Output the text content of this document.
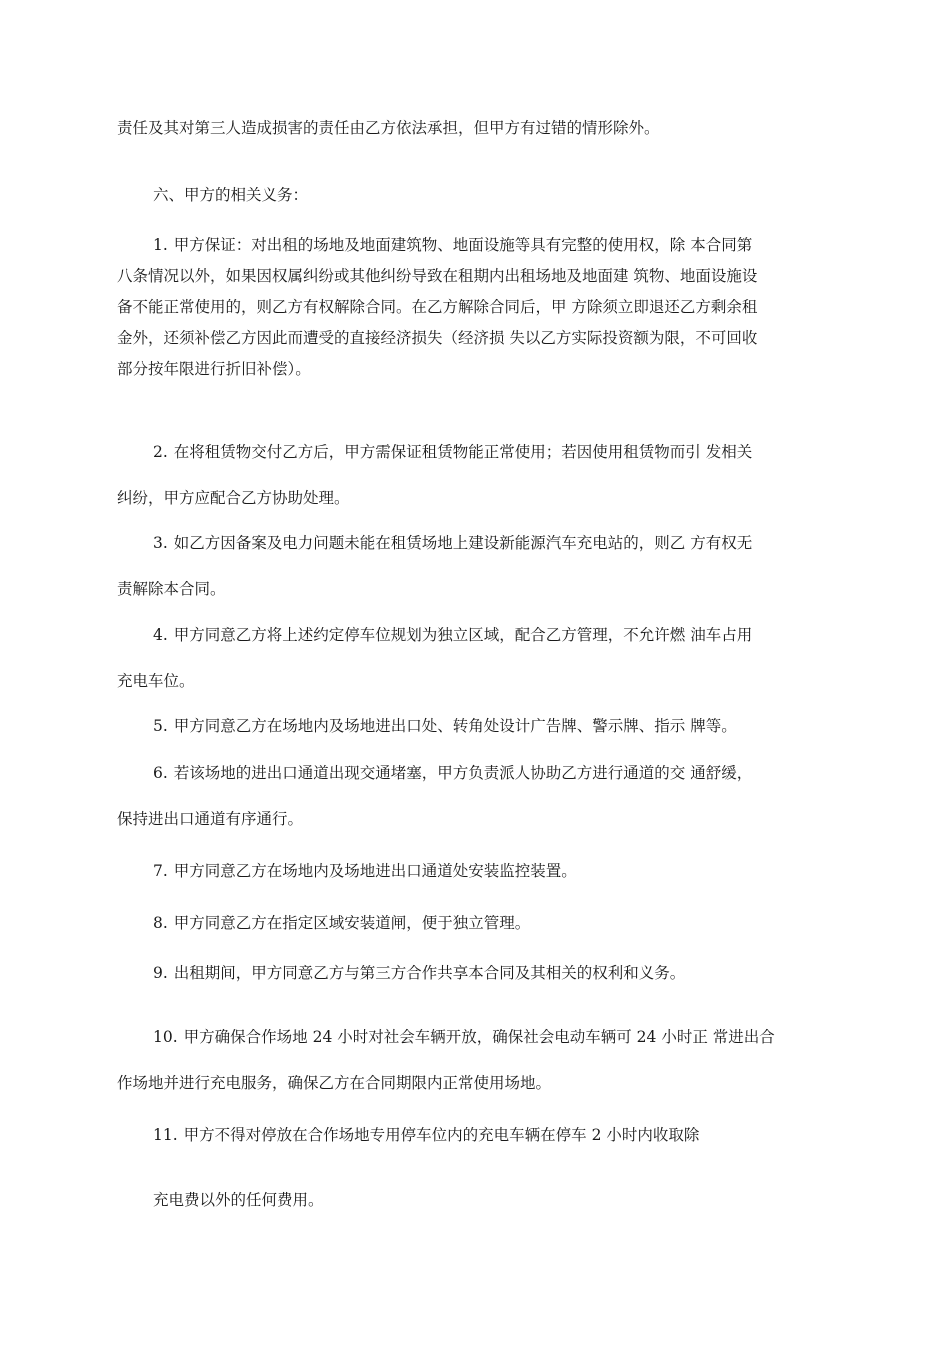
责任及其对第三人造成损害的责任由乙方依法承担，但甲方有过错的情形除外。
六、甲方的相关义务：
1. 甲方保证：对出租的场地及地面建筑物、地面设施等具有完整的使用权，除 本合同第
八条情况以外，如果因权属纠纷或其他纠纷导致在租期内出租场地及地面建 筑物、地面设施设
备不能正常使用的，则乙方有权解除合同。在乙方解除合同后，甲 方除须立即退还乙方剩余租
金外，还须补偿乙方因此而遭受的直接经济损失（经济损 失以乙方实际投资额为限，不可回收
部分按年限进行折旧补偿）。
2. 在将租赁物交付乙方后，甲方需保证租赁物能正常使用；若因使用租赁物而引 发相关
纠纷，甲方应配合乙方协助处理。
3. 如乙方因备案及电力问题未能在租赁场地上建设新能源汽车充电站的，则乙 方有权无
责解除本合同。
4. 甲方同意乙方将上述约定停车位规划为独立区域，配合乙方管理，不允许燃 油车占用
充电车位。
5. 甲方同意乙方在场地内及场地进出口处、转角处设计广告牌、警示牌、指示 牌等。
6. 若该场地的进出口通道出现交通堵塞，甲方负责派人协助乙方进行通道的交 通舒缓，
保持进出口通道有序通行。
7. 甲方同意乙方在场地内及场地进出口通道处安装监控装置。
8. 甲方同意乙方在指定区域安装道闸，便于独立管理。
9. 出租期间，甲方同意乙方与第三方合作共享本合同及其相关的权利和义务。
10. 甲方确保合作场地 24 小时对社会车辆开放，确保社会电动车辆可 24 小时正 常进出合
作场地并进行充电服务，确保乙方在合同期限内正常使用场地。
11. 甲方不得对停放在合作场地专用停车位内的充电车辆在停车 2 小时内收取除
充电费以外的任何费用。
